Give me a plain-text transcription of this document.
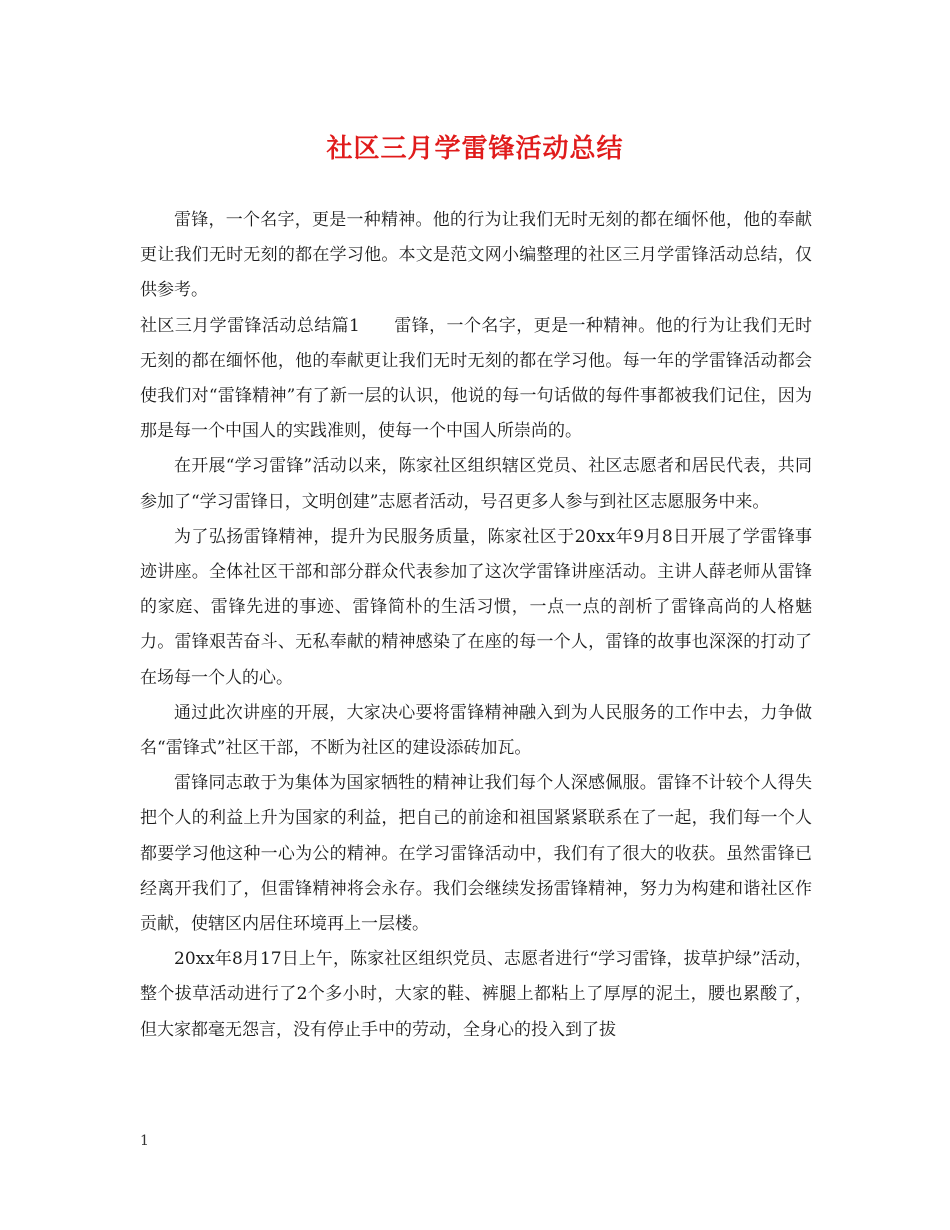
社区三月学雷锋活动总结

雷锋，一个名字，更是一种精神。他的行为让我们无时无刻的都在缅怀他，他的奉献更让我们无时无刻的都在学习他。本文是范文网小编整理的社区三月学雷锋活动总结，仅供参考。

社区三月学雷锋活动总结篇1 雷锋，一个名字，更是一种精神。他的行为让我们无时无刻的都在缅怀他，他的奉献更让我们无时无刻的都在学习他。每一年的学雷锋活动都会使我们对“雷锋精神”有了新一层的认识，他说的每一句话做的每件事都被我们记住，因为那是每一个中国人的实践准则，使每一个中国人所崇尚的。

在开展“学习雷锋”活动以来，陈家社区组织辖区党员、社区志愿者和居民代表，共同参加了“学习雷锋日，文明创建”志愿者活动，号召更多人参与到社区志愿服务中来。

为了弘扬雷锋精神，提升为民服务质量，陈家社区于20xx年9月8日开展了学雷锋事迹讲座。全体社区干部和部分群众代表参加了这次学雷锋讲座活动。主讲人薛老师从雷锋的家庭、雷锋先进的事迹、雷锋简朴的生活习惯，一点一点的剖析了雷锋高尚的人格魅力。雷锋艰苦奋斗、无私奉献的精神感染了在座的每一个人，雷锋的故事也深深的打动了在场每一个人的心。

通过此次讲座的开展，大家决心要将雷锋精神融入到为人民服务的工作中去，力争做名“雷锋式”社区干部，不断为社区的建设添砖加瓦。

雷锋同志敢于为集体为国家牺牲的精神让我们每个人深感佩服。雷锋不计较个人得失把个人的利益上升为国家的利益，把自己的前途和祖国紧紧联系在了一起，我们每一个人都要学习他这种一心为公的精神。在学习雷锋活动中，我们有了很大的收获。虽然雷锋已经离开我们了，但雷锋精神将会永存。我们会继续发扬雷锋精神，努力为构建和谐社区作贡献，使辖区内居住环境再上一层楼。

20xx年8月17日上午，陈家社区组织党员、志愿者进行“学习雷锋，拔草护绿”活动，整个拔草活动进行了2个多小时，大家的鞋、裤腿上都粘上了厚厚的泥土，腰也累酸了，但大家都毫无怨言，没有停止手中的劳动，全身心的投入到了拔

1
